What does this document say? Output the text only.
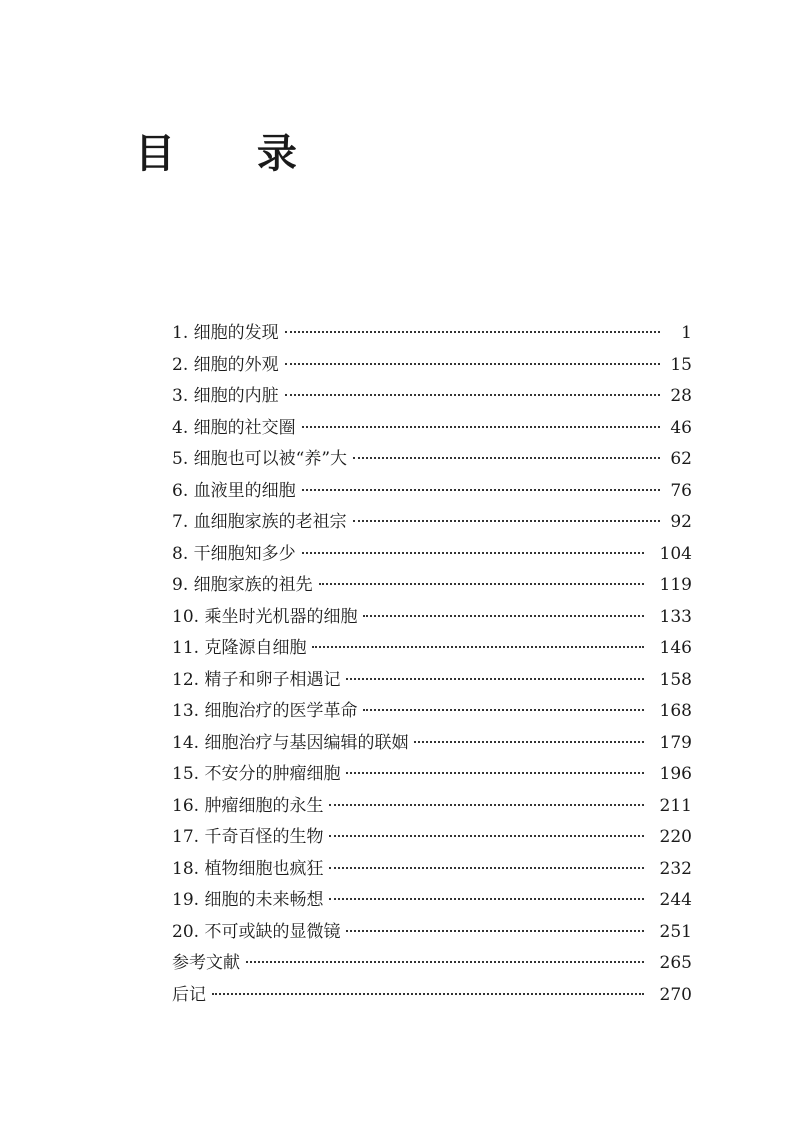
目 录
1. 细胞的发现	1
2. 细胞的外观	15
3. 细胞的内脏	28
4. 细胞的社交圈	46
5. 细胞也可以被“养”大	62
6. 血液里的细胞	76
7. 血细胞家族的老祖宗	92
8. 干细胞知多少	104
9. 细胞家族的祖先	119
10. 乘坐时光机器的细胞	133
11. 克隆源自细胞	146
12. 精子和卵子相遇记	158
13. 细胞治疗的医学革命	168
14. 细胞治疗与基因编辑的联姻	179
15. 不安分的肿瘤细胞	196
16. 肿瘤细胞的永生	211
17. 千奇百怪的生物	220
18. 植物细胞也疯狂	232
19. 细胞的未来畅想	244
20. 不可或缺的显微镜	251
参考文献	265
后记	270
